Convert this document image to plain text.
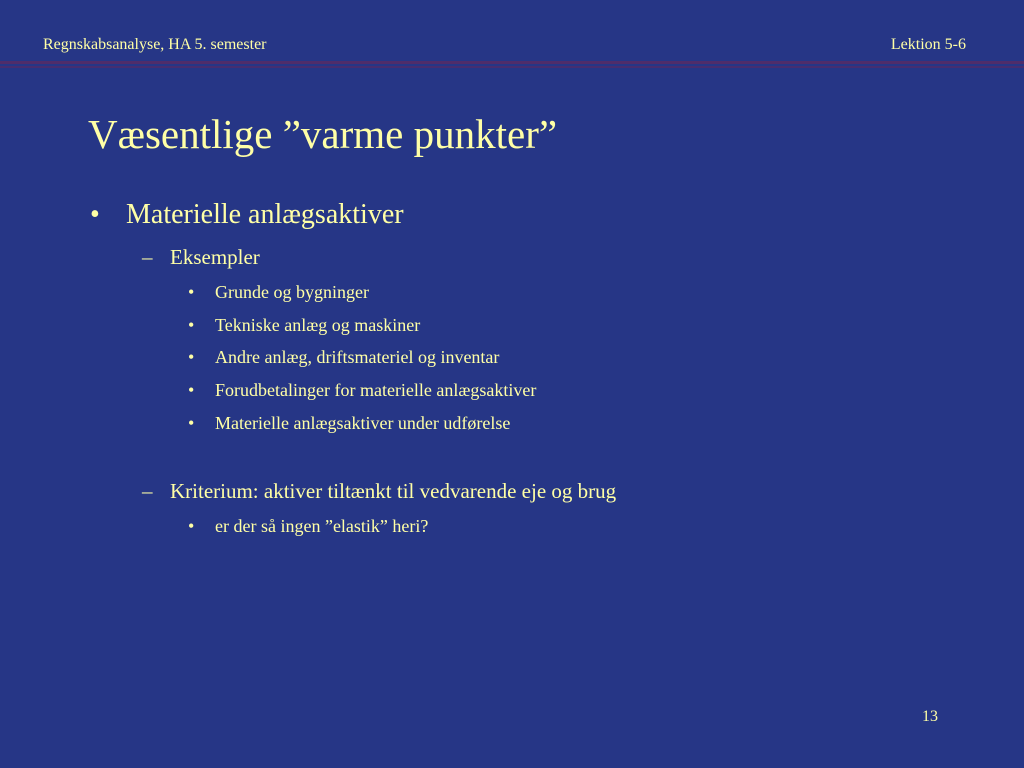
Regnskabsanalyse, HA 5. semester	Lektion 5-6
Væsentlige ”varme punkter”
• Materielle anlægsaktiver
– Eksempler
• Grunde og bygninger
• Tekniske anlæg og maskiner
• Andre anlæg, driftsmateriel og inventar
• Forudbetalinger for materielle anlægsaktiver
• Materielle anlægsaktiver under udførelse
– Kriterium: aktiver tiltænkt til vedvarende eje og brug
• er der så ingen ”elastik” heri?
13
